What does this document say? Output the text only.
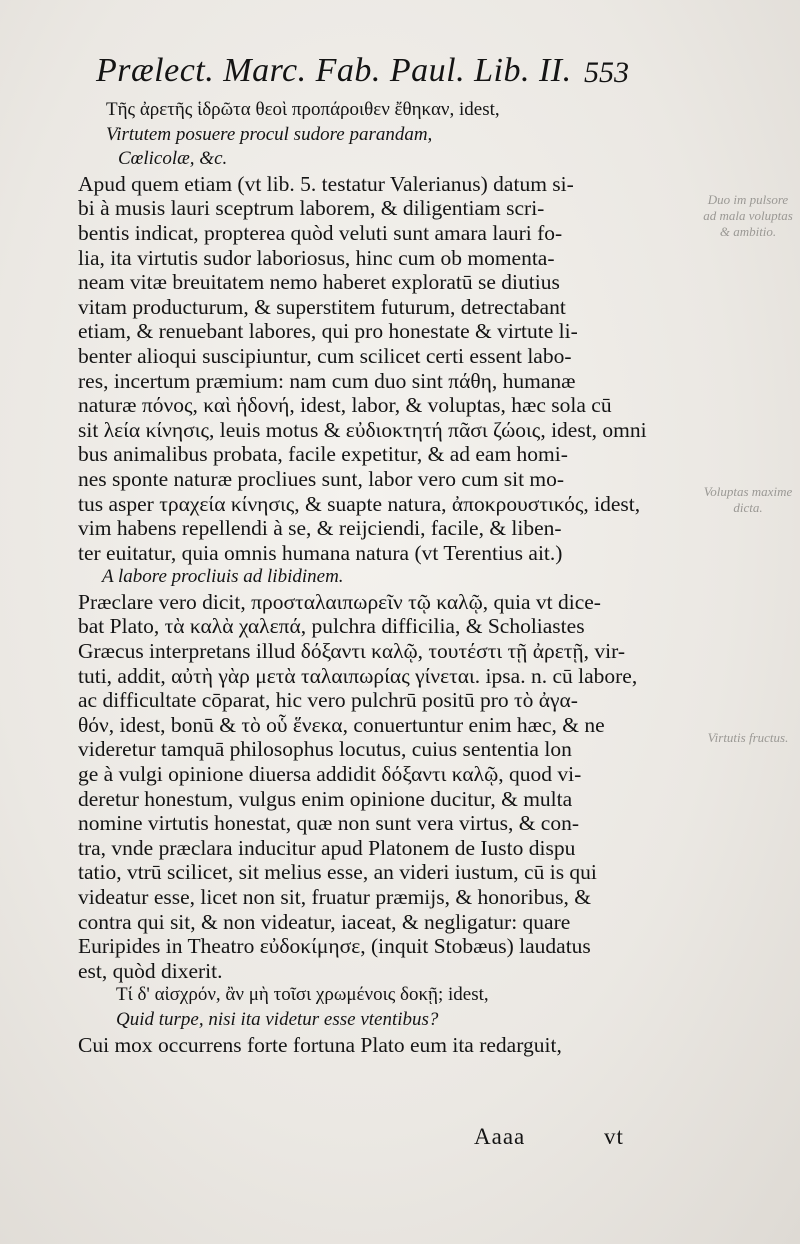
Prælect. Marc. Fab. Paul. Lib. II. 553
Duo im pulsore ad mala voluptas & ambitio.
Voluptas maxime dicta.
Virtutis fructus.
Τῆς ἀρετῆς ἱδρῶτα θεοὶ προπάροιθεν ἔθηκαν, idest,
Virtutem posuere procul sudore parandam,
Cœlicolæ, &c.
Apud quem etiam (vt lib. 5. testatur Valerianus) datum si-
bi à musis lauri sceptrum laborem, & diligentiam scri-
bentis indicat, propterea quòd veluti sunt amara lauri fo-
lia, ita virtutis sudor laboriosus, hinc cum ob momenta-
neam vitæ breuitatem nemo haberet exploratū se diutius
vitam producturum, & superstitem futurum, detrectabant
etiam, & renuebant labores, qui pro honestate & virtute li-
benter alioqui suscipiuntur, cum scilicet certi essent labo-
res, incertum præmium: nam cum duo sint πάθη, humanæ
naturæ πόνος, καὶ ἡδονή, idest, labor, & voluptas, hæc sola cū
sit λεία κίνησις, leuis motus & εὐδιοκτητή πᾶσι ζώοις, idest, omni
bus animalibus probata, facile expetitur, & ad eam homi-
nes sponte naturæ procliues sunt, labor vero cum sit mo-
tus asper τραχεία κίνησις, & suapte natura, ἀποκρουστικός, idest,
vim habens repellendi à se, & reijciendi, facile, & liben-
ter euitatur, quia omnis humana natura (vt Terentius ait.)
A labore procliuis ad libidinem.
Præclare vero dicit, προσταλαιπωρεῖν τῷ καλῷ, quia vt dice-
bat Plato, τὰ καλὰ χαλεπά, pulchra difficilia, & Scholiastes
Græcus interpretans illud δόξαντι καλῷ, τουτέστι τῇ ἀρετῇ, vir-
tuti, addit, αὐτὴ γὰρ μετὰ ταλαιπωρίας γίνεται. ipsa. n. cū labore,
ac difficultate cōparat, hic vero pulchrū positū pro τὸ ἀγα-
θόν, idest, bonū & τὸ οὗ ἕνεκα, conuertuntur enim hæc, & ne
videretur tamquā philosophus locutus, cuius sententia lon
ge à vulgi opinione diuersa addidit δόξαντι καλῷ, quod vi-
deretur honestum, vulgus enim opinione ducitur, & multa
nomine virtutis honestat, quæ non sunt vera virtus, & con-
tra, vnde præclara inducitur apud Platonem de Iusto dispu
tatio, vtrū scilicet, sit melius esse, an videri iustum, cū is qui
videatur esse, licet non sit, fruatur præmijs, & honoribus, &
contra qui sit, & non videatur, iaceat, & negligatur: quare
Euripides in Theatro εὐδοκίμησε, (inquit Stobæus) laudatus
est, quòd dixerit.
Τί δ' αἰσχρόν, ἂν μὴ τοῖσι χρωμένοις δοκῇ; idest,
Quid turpe, nisi ita videtur esse vtentibus?
Cui mox occurrens forte fortuna Plato eum ita redarguit,
Aaaa	vt
